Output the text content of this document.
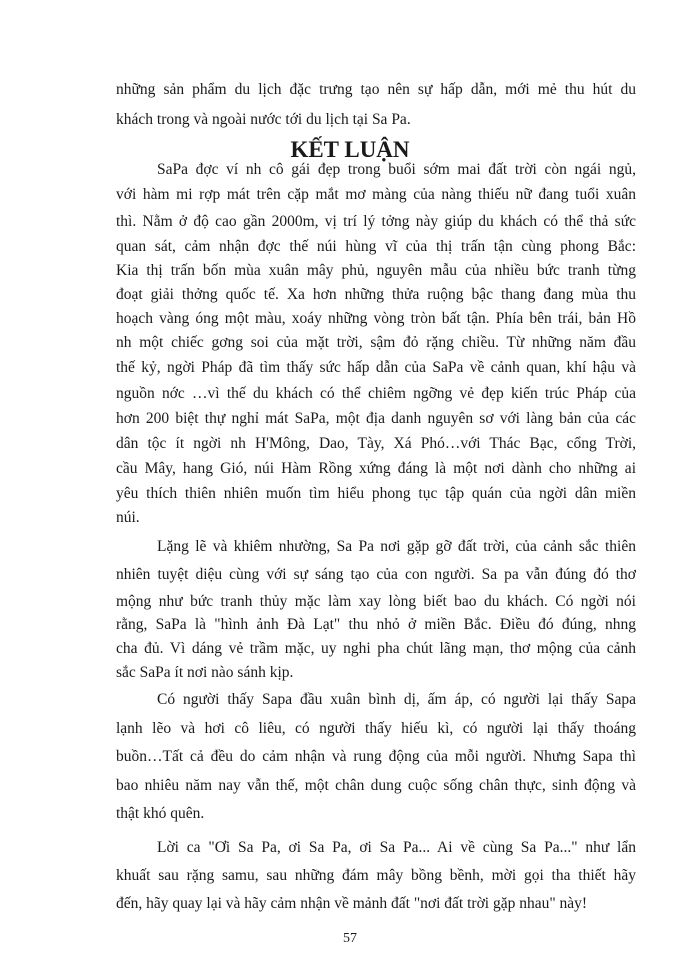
những sản phẩm du lịch đặc trưng tạo nên sự hấp dẫn, mới mẻ thu hút du
khách trong và ngoài nước tới du lịch tại Sa Pa.
KẾT LUẬN
SaPa đợc ví nh cô gái đẹp trong buổi sớm mai đất trời còn ngái ngủ,
với hàm mi rợp mát trên cặp mắt mơ màng của nàng thiếu nữ đang tuổi xuân
thì. Nằm ở độ cao gần 2000m, vị trí lý tởng này giúp du khách có thể thả sức
quan sát, cảm nhận đợc thế núi hùng vĩ của thị trấn tận cùng phong Bắc:
Kia thị trấn bốn mùa xuân mây phủ, nguyên mẫu của nhiều bức tranh từng
đoạt giải thởng quốc tế. Xa hơn những thửa ruộng bậc thang đang mùa thu
hoạch vàng óng một màu, xoáy những vòng tròn bất tận. Phía bên trái, bản Hồ
nh một chiếc gơng soi của mặt trời, sậm đỏ rặng chiều. Từ những năm đầu
thế kỷ, ngời Pháp đã tìm thấy sức hấp dẫn của SaPa về cảnh quan, khí hậu và
nguồn nớc …vì thế du khách có thể chiêm ngỡng vẻ đẹp kiến trúc Pháp của
hơn 200 biệt thự nghỉ mát SaPa, một địa danh nguyên sơ với làng bản của các
dân tộc ít ngời nh H'Mông, Dao, Tày, Xá Phó…với Thác Bạc, cổng Trời,
cầu Mây, hang Gió, núi Hàm Rồng xứng đáng là một nơi dành cho những ai
yêu thích thiên nhiên muốn tìm hiểu phong tục tập quán của ngời dân miền
núi.
Lặng lẽ và khiêm nhường, Sa Pa nơi gặp gỡ đất trời, của cảnh sắc thiên
nhiên tuyệt diệu cùng với sự sáng tạo của con người. Sa pa vẫn đúng đó thơ
mộng như bức tranh thủy mặc làm xay lòng biết bao du khách. Có ngời nói
rằng, SaPa là "hình ảnh Đà Lạt" thu nhỏ ở miền Bắc. Điều đó đúng, nhng
cha đủ. Vì dáng vẻ trầm mặc, uy nghi pha chút lãng mạn, thơ mộng của cảnh
sắc SaPa ít nơi nào sánh kịp.
Có người thấy Sapa đầu xuân bình dị, ấm áp, có người lại thấy Sapa
lạnh lẽo và hơi cô liêu, có người thấy hiếu kì, có người lại thấy thoáng
buồn…Tất cả đều do cảm nhận và rung động của mỗi người. Nhưng Sapa thì
bao nhiêu năm nay vẫn thế, một chân dung cuộc sống chân thực, sinh động và
thật khó quên.
Lời ca "Ơi Sa Pa, ơi Sa Pa, ơi Sa Pa... Ai về cùng Sa Pa..." như lẩn
khuất sau rặng samu, sau những đám mây bồng bềnh, mời gọi tha thiết hãy
đến, hãy quay lại và hãy cảm nhận về mảnh đất "nơi đất trời gặp nhau" này!
57
